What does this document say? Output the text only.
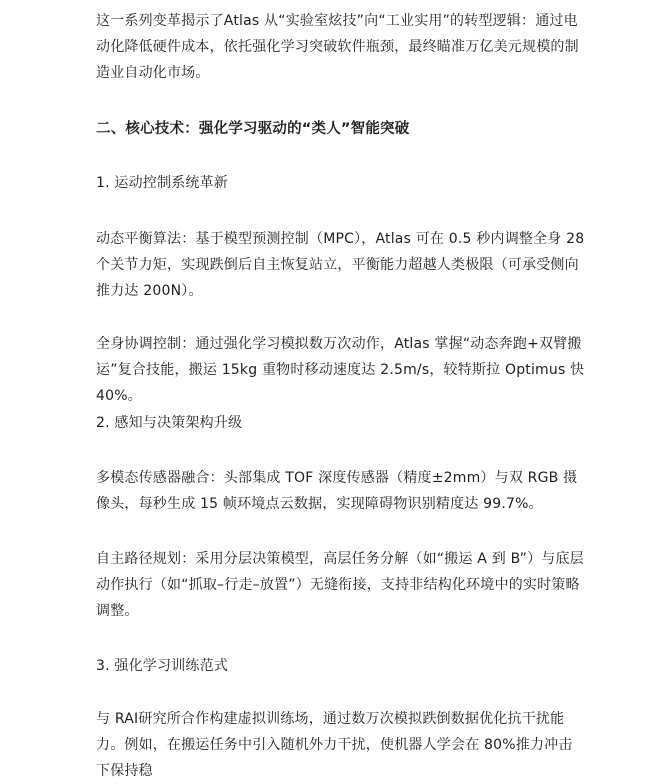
这一系列变革揭示了Atlas 从“实验室炫技”向“工业实用”的转型逻辑：通过电动化降低硬件成本，依托强化学习突破软件瓶颈，最终瞄准万亿美元规模的制造业自动化市场。
二、核心技术：强化学习驱动的“类人”智能突破
1. 运动控制系统革新
动态平衡算法：基于模型预测控制（MPC），Atlas 可在 0.5 秒内调整全身 28 个关节力矩，实现跌倒后自主恢复站立，平衡能力超越人类极限（可承受侧向推力达 200N）。
全身协调控制：通过强化学习模拟数万次动作，Atlas 掌握“动态奔跑+双臂搬运”复合技能，搬运 15kg 重物时移动速度达 2.5m/s，较特斯拉 Optimus 快 40%。
2. 感知与决策架构升级
多模态传感器融合：头部集成 TOF 深度传感器（精度±2mm）与双 RGB 摄像头，每秒生成 15 帧环境点云数据，实现障碍物识别精度达 99.7%。
自主路径规划：采用分层决策模型，高层任务分解（如“搬运 A 到 B”）与底层动作执行（如“抓取–行走–放置”）无缝衔接，支持非结构化环境中的实时策略调整。
3. 强化学习训练范式
与 RAI研究所合作构建虚拟训练场，通过数万次模拟跌倒数据优化抗干扰能力。例如，在搬运任务中引入随机外力干扰，使机器人学会在 80%推力冲击下保持稳
